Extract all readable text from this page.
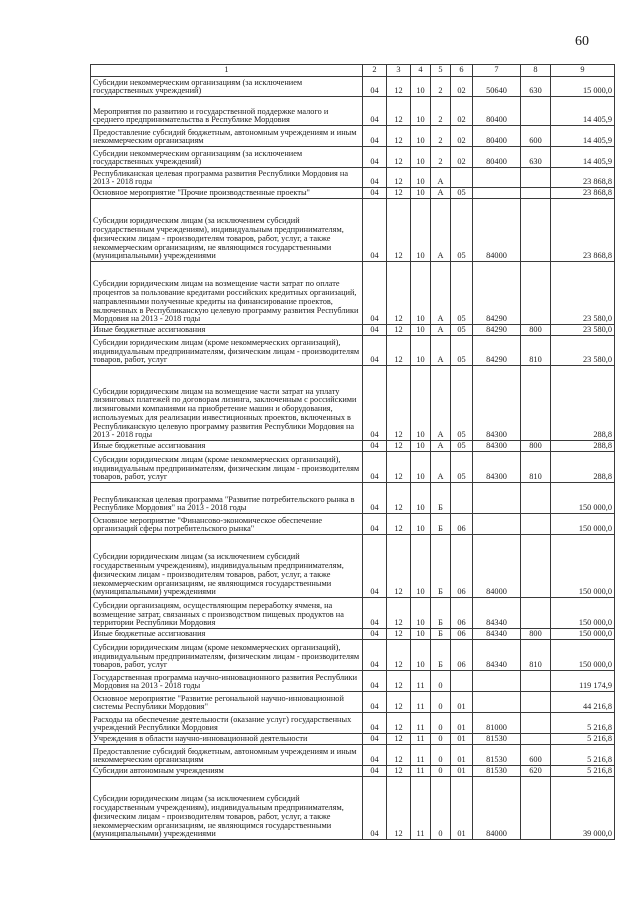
60
1	2	3	4	5	6	7	8	9
Субсидии некоммерческим организациям (за исключением государственных учреждений)	04	12	10	2	02	50640	630	15 000,0
Мероприятия по развитию и государственной поддержке малого и среднего предпринимательства в Республике Мордовия	04	12	10	2	02	80400		14 405,9
Предоставление субсидий бюджетным, автономным учреждениям и иным некоммерческим организациям	04	12	10	2	02	80400	600	14 405,9
Субсидии некоммерческим организациям (за исключением государственных учреждений)	04	12	10	2	02	80400	630	14 405,9
Республиканская целевая программа развития Республики Мордовия на 2013 - 2018 годы	04	12	10	А				23 868,8
Основное мероприятие "Прочие производственные проекты"	04	12	10	А	05			23 868,8
Субсидии юридическим лицам (за исключением субсидий государственным учреждениям), индивидуальным предпринимателям, физическим лицам - производителям товаров, работ, услуг, а также некоммерческим организациям, не являющимся государственными (муниципальными) учреждениями	04	12	10	А	05	84000		23 868,8
Субсидии юридическим лицам на возмещение части затрат по оплате процентов за пользование кредитами российских кредитных организаций, направленными полученные кредиты на финансирование проектов, включенных в Республиканскую целевую программу развития Республики Мордовия на 2013 - 2018 годы	04	12	10	А	05	84290		23 580,0
Иные бюджетные ассигнования	04	12	10	А	05	84290	800	23 580,0
Субсидии юридическим лицам (кроме некоммерческих организаций), индивидуальным предпринимателям, физическим лицам - производителям товаров, работ, услуг	04	12	10	А	05	84290	810	23 580,0
Субсидии юридическим лицам на возмещение части затрат на уплату лизинговых платежей по договорам лизинга, заключенным с российскими лизинговыми компаниями на приобретение машин и оборудования, используемых для реализации инвестиционных проектов, включенных в Республиканскую целевую программу развития Республики Мордовия на 2013 - 2018 годы	04	12	10	А	05	84300		288,8
Иные бюджетные ассигнования	04	12	10	А	05	84300	800	288,8
Субсидии юридическим лицам (кроме некоммерческих организаций), индивидуальным предпринимателям, физическим лицам - производителям товаров, работ, услуг	04	12	10	А	05	84300	810	288,8
Республиканская целевая программа "Развитие потребительского рынка в Республике Мордовия" на 2013 - 2018 годы	04	12	10	Б				150 000,0
Основное мероприятие "Финансово-экономическое обеспечение организаций сферы потребительского рынка"	04	12	10	Б	06			150 000,0
Субсидии юридическим лицам (за исключением субсидий государственным учреждениям), индивидуальным предпринимателям, физическим лицам - производителям товаров, работ, услуг, а также некоммерческим организациям, не являющимся государственными (муниципальными) учреждениями	04	12	10	Б	06	84000		150 000,0
Субсидии организациям, осуществляющим переработку ячменя, на возмещение затрат, связанных с производством пищевых продуктов на территории Республики Мордовия	04	12	10	Б	06	84340		150 000,0
Иные бюджетные ассигнования	04	12	10	Б	06	84340	800	150 000,0
Субсидии юридическим лицам (кроме некоммерческих организаций), индивидуальным предпринимателям, физическим лицам - производителям товаров, работ, услуг	04	12	10	Б	06	84340	810	150 000,0
Государственная программа научно-инновационного развития Республики Мордовия на 2013 - 2018 годы	04	12	11	0				119 174,9
Основное мероприятие "Развитие регональной научно-инновационной системы Республики Мордовия"	04	12	11	0	01			44 216,8
Расходы на обеспечение деятельности (оказание услуг) государственных учреждений Республики Мордовия	04	12	11	0	01	81000		5 216,8
Учреждения в области научно-инновационной деятельности	04	12	11	0	01	81530		5 216,8
Предоставление субсидий бюджетным, автономным учреждениям и иным некоммерческим организациям	04	12	11	0	01	81530	600	5 216,8
Субсидии автономным учреждениям	04	12	11	0	01	81530	620	5 216,8
Субсидии юридическим лицам (за исключением субсидий государственным учреждениям), индивидуальным предпринимателям, физическим лицам - производителям товаров, работ, услуг, а также некоммерческим организациям, не являющимся государственными (муниципальными) учреждениями	04	12	11	0	01	84000		39 000,0
